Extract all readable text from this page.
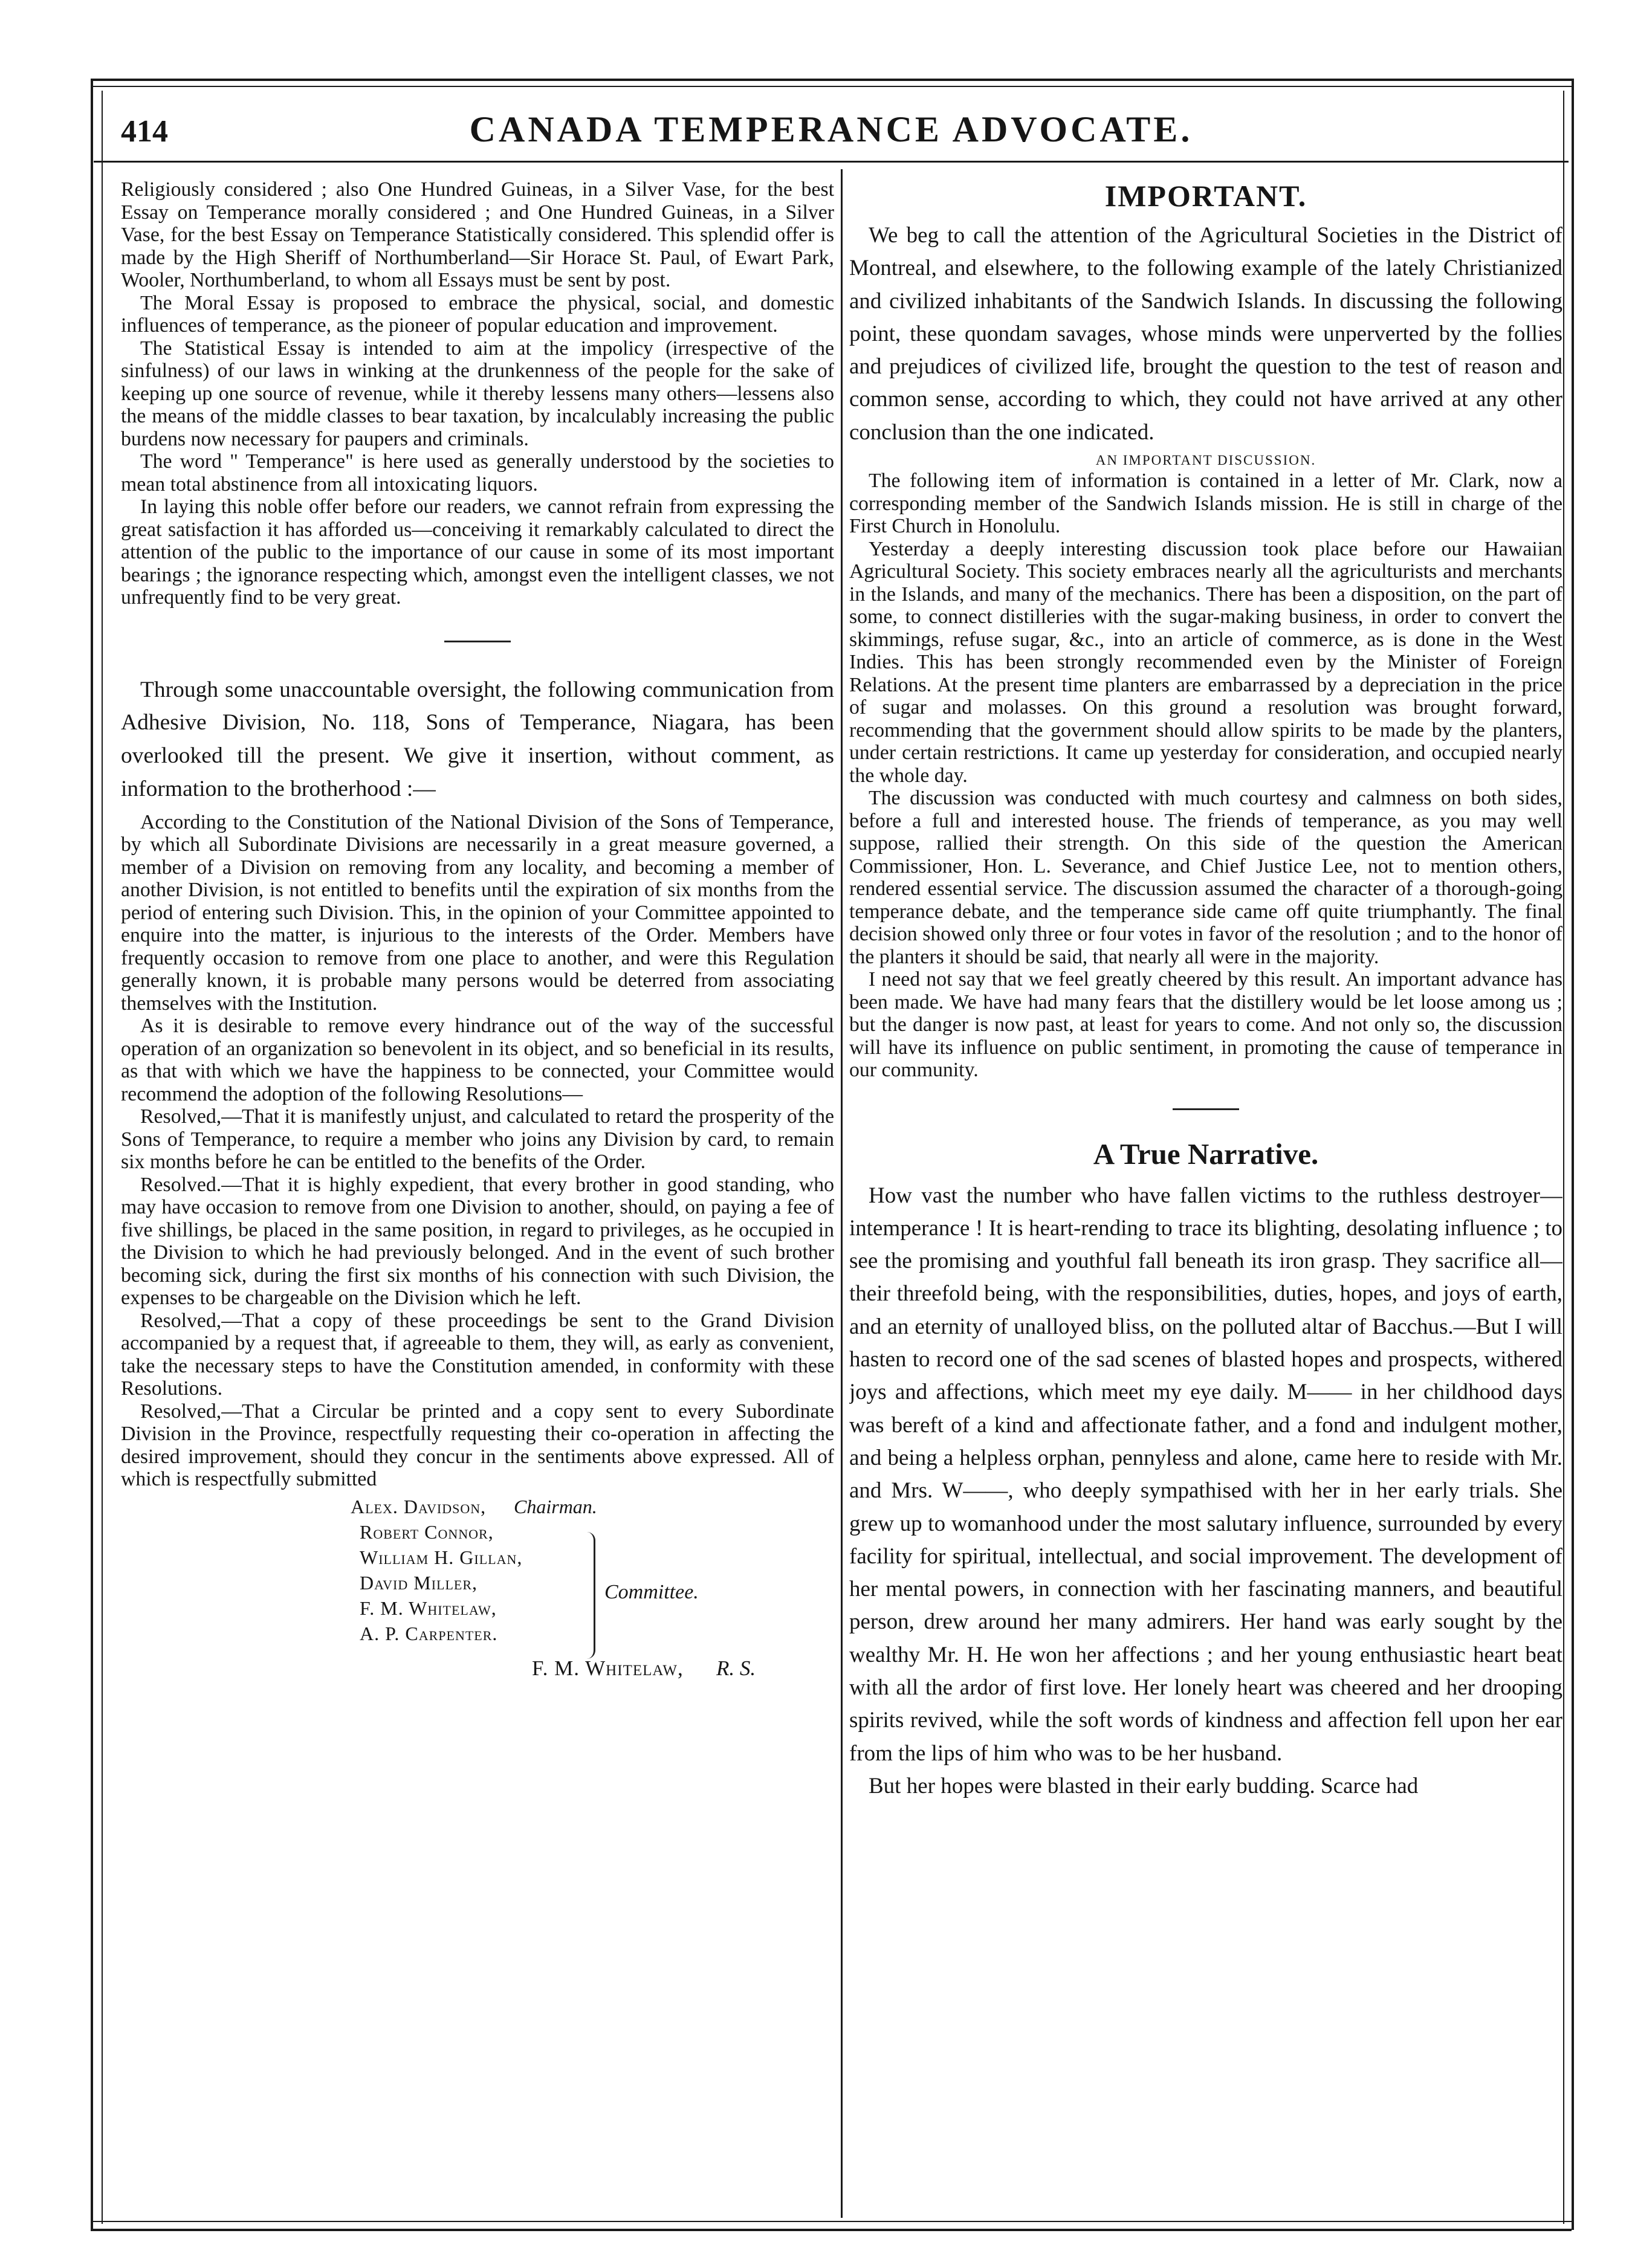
414	CANADA TEMPERANCE ADVOCATE.

Religiously considered ; also One Hundred Guineas, in a Silver Vase, for the best Essay on Temperance morally considered ; and One Hundred Guineas, in a Silver Vase, for the best Essay on Temperance Statistically considered. This splendid offer is made by the High Sheriff of Northumberland—Sir Horace St. Paul, of Ewart Park, Wooler, Northumberland, to whom all Essays must be sent by post.

The Moral Essay is proposed to embrace the physical, social, and domestic influences of temperance, as the pioneer of popular education and improvement.

The Statistical Essay is intended to aim at the impolicy (irrespective of the sinfulness) of our laws in winking at the drunkenness of the people for the sake of keeping up one source of revenue, while it thereby lessens many others—lessens also the means of the middle classes to bear taxation, by incalculably increasing the public burdens now necessary for paupers and criminals.

The word " Temperance" is here used as generally understood by the societies to mean total abstinence from all intoxicating liquors.

In laying this noble offer before our readers, we cannot refrain from expressing the great satisfaction it has afforded us—conceiving it remarkably calculated to direct the attention of the public to the importance of our cause in some of its most important bearings ; the ignorance respecting which, amongst even the intelligent classes, we not unfrequently find to be very great.

Through some unaccountable oversight, the following communication from Adhesive Division, No. 118, Sons of Temperance, Niagara, has been overlooked till the present. We give it insertion, without comment, as information to the brotherhood :—

According to the Constitution of the National Division of the Sons of Temperance, by which all Subordinate Divisions are necessarily in a great measure governed, a member of a Division on removing from any locality, and becoming a member of another Division, is not entitled to benefits until the expiration of six months from the period of entering such Division. This, in the opinion of your Committee appointed to enquire into the matter, is injurious to the interests of the Order. Members have frequently occasion to remove from one place to another, and were this Regulation generally known, it is probable many persons would be deterred from associating themselves with the Institution.

As it is desirable to remove every hindrance out of the way of the successful operation of an organization so benevolent in its object, and so beneficial in its results, as that with which we have the happiness to be connected, your Committee would recommend the adoption of the following Resolutions—

Resolved,—That it is manifestly unjust, and calculated to retard the prosperity of the Sons of Temperance, to require a member who joins any Division by card, to remain six months before he can be entitled to the benefits of the Order.

Resolved.—That it is highly expedient, that every brother in good standing, who may have occasion to remove from one Division to another, should, on paying a fee of five shillings, be placed in the same position, in regard to privileges, as he occupied in the Division to which he had previously belonged. And in the event of such brother becoming sick, during the first six months of his connection with such Division, the expenses to be chargeable on the Division which he left.

Resolved,—That a copy of these proceedings be sent to the Grand Division accompanied by a request that, if agreeable to them, they will, as early as convenient, take the necessary steps to have the Constitution amended, in conformity with these Resolutions.

Resolved,—That a Circular be printed and a copy sent to every Subordinate Division in the Province, respectfully requesting their co-operation in affecting the desired improvement, should they concur in the sentiments above expressed. All of which is respectfully submitted

Alex. Davidson, Chairman.
Robert Connor,
William H. Gillan,
David Miller,
F. M. Whitelaw,
A. P. Carpenter.
Committee.
F. M. Whitelaw, R. S.
IMPORTANT.

We beg to call the attention of the Agricultural Societies in the District of Montreal, and elsewhere, to the following example of the lately Christianized and civilized inhabitants of the Sandwich Islands. In discussing the following point, these quondam savages, whose minds were unperverted by the follies and prejudices of civilized life, brought the question to the test of reason and common sense, according to which, they could not have arrived at any other conclusion than the one indicated.

AN IMPORTANT DISCUSSION.

The following item of information is contained in a letter of Mr. Clark, now a corresponding member of the Sandwich Islands mission. He is still in charge of the First Church in Honolulu.

Yesterday a deeply interesting discussion took place before our Hawaiian Agricultural Society. This society embraces nearly all the agriculturists and merchants in the Islands, and many of the mechanics. There has been a disposition, on the part of some, to connect distilleries with the sugar-making business, in order to convert the skimmings, refuse sugar, &c., into an article of commerce, as is done in the West Indies. This has been strongly recommended even by the Minister of Foreign Relations. At the present time planters are embarrassed by a depreciation in the price of sugar and molasses. On this ground a resolution was brought forward, recommending that the government should allow spirits to be made by the planters, under certain restrictions. It came up yesterday for consideration, and occupied nearly the whole day.

The discussion was conducted with much courtesy and calmness on both sides, before a full and interested house. The friends of temperance, as you may well suppose, rallied their strength. On this side of the question the American Commissioner, Hon. L. Severance, and Chief Justice Lee, not to mention others, rendered essential service. The discussion assumed the character of a thorough-going temperance debate, and the temperance side came off quite triumphantly. The final decision showed only three or four votes in favor of the resolution ; and to the honor of the planters it should be said, that nearly all were in the majority.

I need not say that we feel greatly cheered by this result. An important advance has been made. We have had many fears that the distillery would be let loose among us ; but the danger is now past, at least for years to come. And not only so, the discussion will have its influence on public sentiment, in promoting the cause of temperance in our community.

A True Narrative.

How vast the number who have fallen victims to the ruthless destroyer—intemperance ! It is heart-rending to trace its blighting, desolating influence ; to see the promising and youthful fall beneath its iron grasp. They sacrifice all—their threefold being, with the responsibilities, duties, hopes, and joys of earth, and an eternity of unalloyed bliss, on the polluted altar of Bacchus.—But I will hasten to record one of the sad scenes of blasted hopes and prospects, withered joys and affections, which meet my eye daily. M—— in her childhood days was bereft of a kind and affectionate father, and a fond and indulgent mother, and being a helpless orphan, pennyless and alone, came here to reside with Mr. and Mrs. W——, who deeply sympathised with her in her early trials. She grew up to womanhood under the most salutary influence, surrounded by every facility for spiritual, intellectual, and social improvement. The development of her mental powers, in connection with her fascinating manners, and beautiful person, drew around her many admirers. Her hand was early sought by the wealthy Mr. H. He won her affections ; and her young enthusiastic heart beat with all the ardor of first love. Her lonely heart was cheered and her drooping spirits revived, while the soft words of kindness and affection fell upon her ear from the lips of him who was to be her husband.

But her hopes were blasted in their early budding. Scarce had
